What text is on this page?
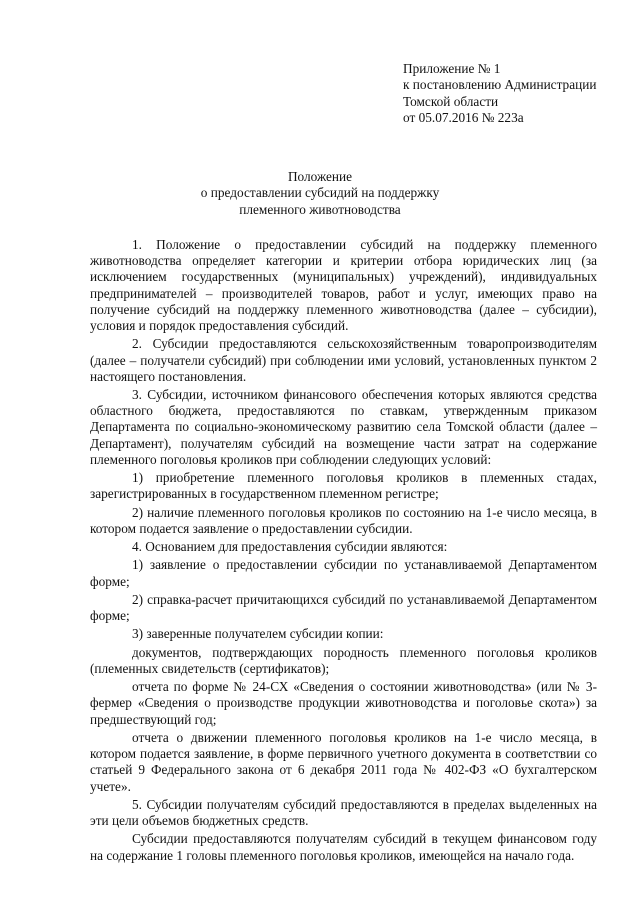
Приложение № 1
к постановлению Администрации
Томской области
от 05.07.2016 № 223а
Положение
о предоставлении субсидий на поддержку
племенного животноводства

1. Положение о предоставлении субсидий на поддержку племенного животноводства определяет категории и критерии отбора юридических лиц (за исключением государственных (муниципальных) учреждений), индивидуальных предпринимателей – производителей товаров, работ и услуг, имеющих право на получение субсидий на поддержку племенного животноводства (далее – субсидии), условия и порядок предоставления субсидий.

2. Субсидии предоставляются сельскохозяйственным товаропроизводителям (далее – получатели субсидий) при соблюдении ими условий, установленных пунктом 2 настоящего постановления.

3. Субсидии, источником финансового обеспечения которых являются средства областного бюджета, предоставляются по ставкам, утвержденным приказом Департамента по социально-экономическому развитию села Томской области (далее – Департамент), получателям субсидий на возмещение части затрат на содержание племенного поголовья кроликов при соблюдении следующих условий:

1) приобретение племенного поголовья кроликов в племенных стадах, зарегистрированных в государственном племенном регистре;

2) наличие племенного поголовья кроликов по состоянию на 1-е число месяца, в котором подается заявление о предоставлении субсидии.

4. Основанием для предоставления субсидии являются:

1) заявление о предоставлении субсидии по устанавливаемой Департаментом форме;

2) справка-расчет причитающихся субсидий по устанавливаемой Департаментом форме;

3) заверенные получателем субсидии копии:

документов, подтверждающих породность племенного поголовья кроликов (племенных свидетельств (сертификатов);

отчета по форме № 24-СХ «Сведения о состоянии животноводства» (или № 3-фермер «Сведения о производстве продукции животноводства и поголовье скота») за предшествующий год;

отчета о движении племенного поголовья кроликов на 1-е число месяца, в котором подается заявление, в форме первичного учетного документа в соответствии со статьей 9 Федерального закона от 6 декабря 2011 года № 402-ФЗ «О бухгалтерском учете».

5. Субсидии получателям субсидий предоставляются в пределах выделенных на эти цели объемов бюджетных средств.

Субсидии предоставляются получателям субсидий в текущем финансовом году на содержание 1 головы племенного поголовья кроликов, имеющейся на начало года.
